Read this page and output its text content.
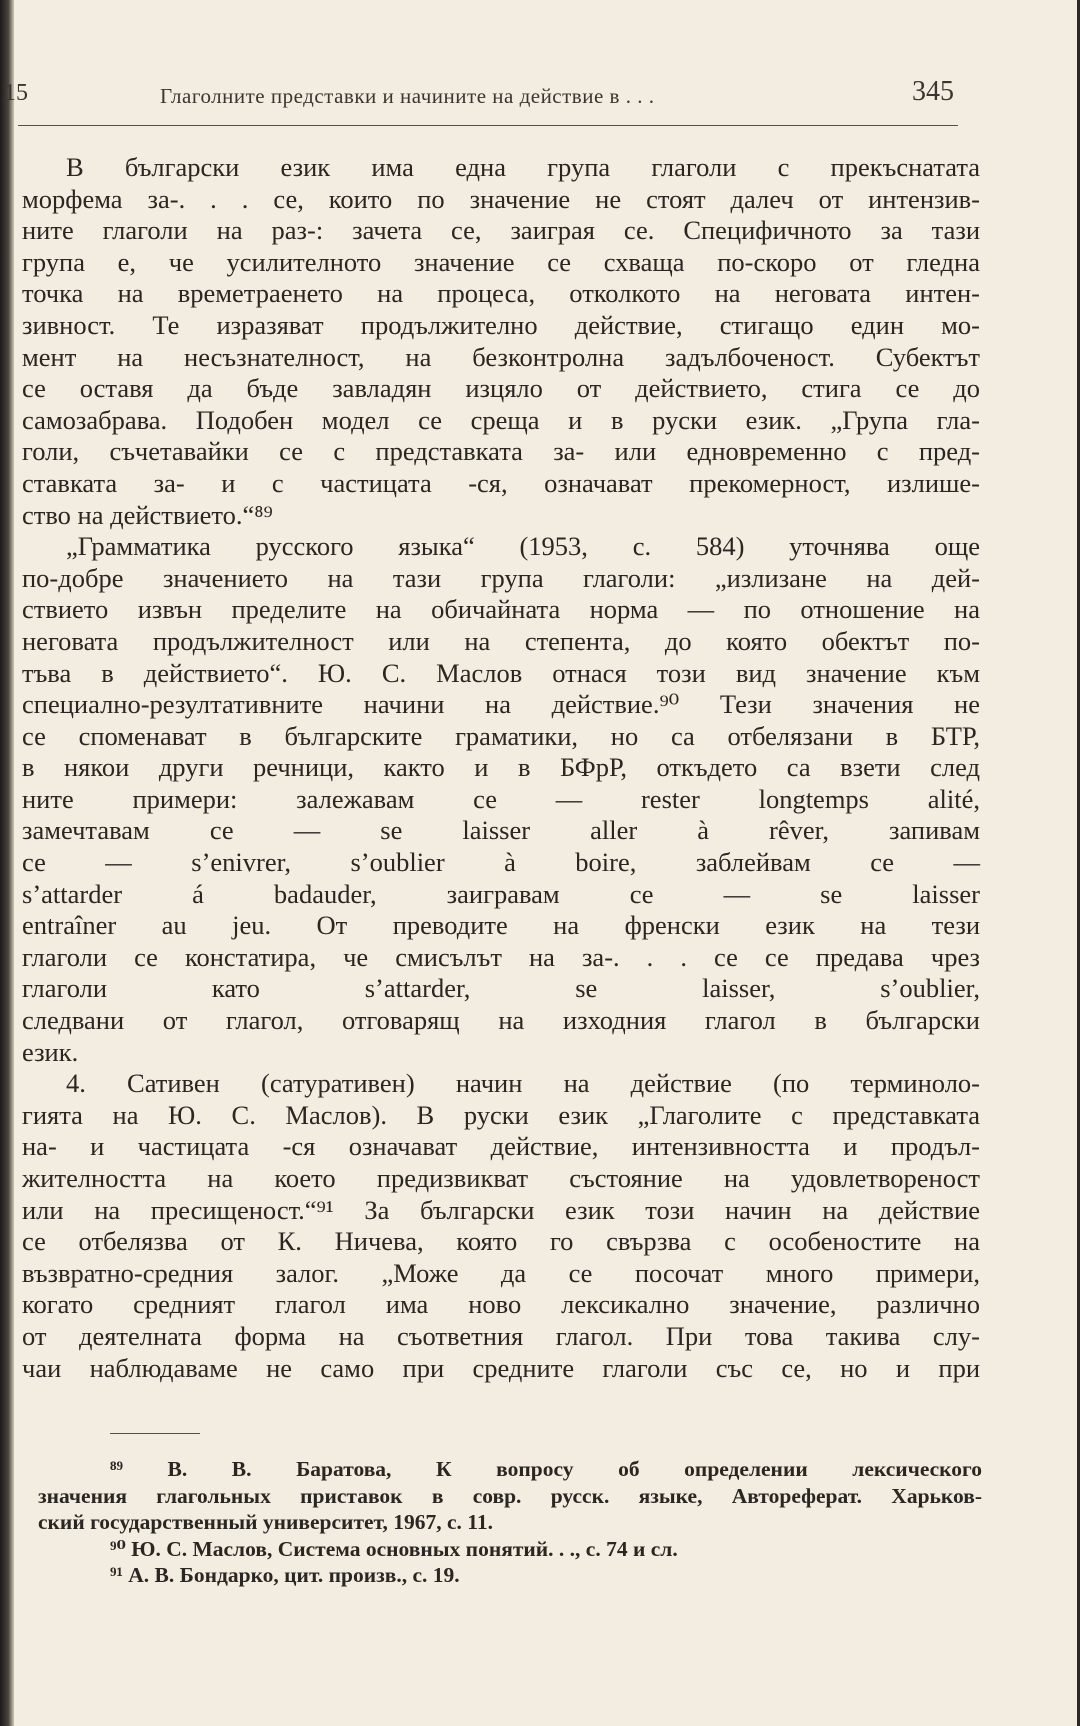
15	Глаголните представки и начините на действие в . . .	345
В български език има една група глаголи с прекъснатата
морфема за-. . . се, които по значение не стоят далеч от интензив-
ните глаголи на раз-: зачета се, заиграя се. Специфичното за тази
група е, че усилителното значение се схваща по-скоро от гледна
точка на времетраенето на процеса, отколкото на неговата интен-
зивност. Те изразяват продължително действие, стигащо един мо-
мент на несъзнателност, на безконтролна задълбоченост. Субектът
се оставя да бъде завладян изцяло от действието, стига се до
самозабрава. Подобен модел се среща и в руски език. „Група гла-
голи, съчетавайки се с представката за- или едновременно с пред-
ставката за- и с частицата -ся, означават прекомерност, излише-
ство на действието.“⁸⁹
„Грамматика русского языка“ (1953, с. 584) уточнява още
по-добре значението на тази група глаголи: „излизане на дей-
ствието извън пределите на обичайната норма — по отношение на
неговата продължителност или на степента, до която обектът по-
тъва в действието“. Ю. С. Маслов отнася този вид значение към
специално-резултативните начини на действие.⁹⁰ Тези значения не
се споменават в българските граматики, но са отбелязани в БТР,
в някои други речници, както и в БФрР, откъдето са взети след
ните примери: залежавам се — rester longtemps alité,
замечтавам се — se laisser aller à rêver, запивам
се — s’enivrer, s’oublier à boire, заблейвам се —
s’attarder á badauder, заигравам се — se laisser
entraîner au jeu. От преводите на френски език на тези
глаголи се констатира, че смисълът на за-. . . се се предава чрез
глаголи като s’attarder, se laisser, s’oublier,
следвани от глагол, отговарящ на изходния глагол в български
език.
4. Сативен (сатуративен) начин на действие (по терминоло-
гията на Ю. С. Маслов). В руски език „Глаголите с представката
на- и частицата -ся означават действие, интензивността и продъл-
жителността на което предизвикват състояние на удовлетвореност
или на пресищеност.“⁹¹ За български език този начин на действие
се отбелязва от К. Ничева, която го свързва с особеностите на
възвратно-средния залог. „Може да се посочат много примери,
когато средният глагол има ново лексикално значение, различно
от деятелната форма на съответния глагол. При това такива слу-
чаи наблюдаваме не само при средните глаголи със се, но и при
⁸⁹ В. В. Баратова, К вопросу об определении лексического
значения глагольных приставок в совр. русск. языке, Автореферат. Харьков-
ский государственный университет, 1967, с. 11.
⁹⁰ Ю. С. Маслов, Система основных понятий. . ., с. 74 и сл.
⁹¹ А. В. Бондарко, цит. произв., с. 19.
